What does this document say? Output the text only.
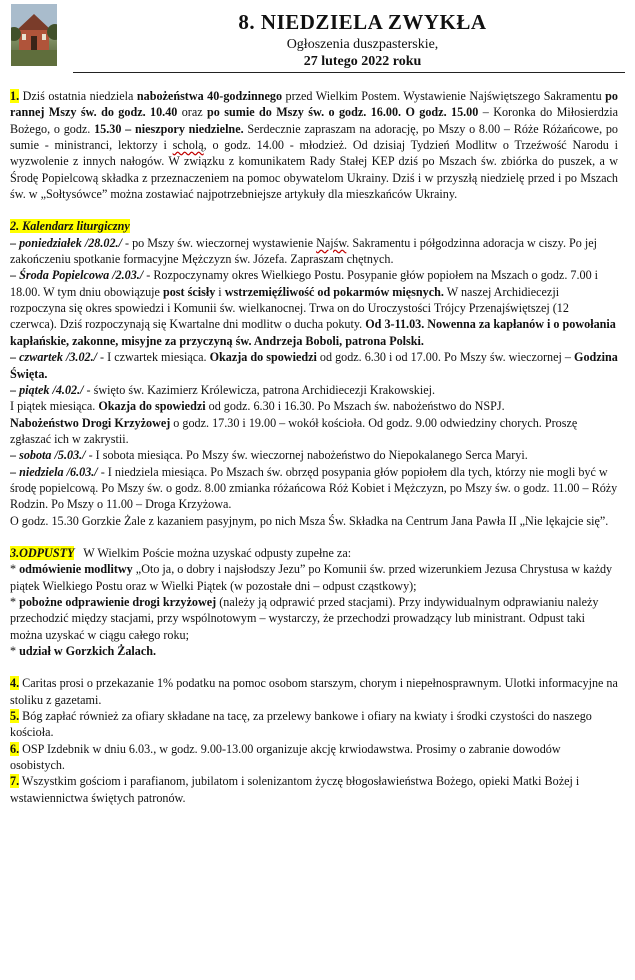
8. NIEDZIELA ZWYKŁA
Ogłoszenia duszpasterskie,
27 lutego 2022 roku

1. Dziś ostatnia niedziela nabożeństwa 40-godzinnego przed Wielkim Postem. Wystawienie Najświętszego Sakramentu po rannej Mszy św. do godz. 10.40 oraz po sumie do Mszy św. o godz. 16.00. O godz. 15.00 – Koronka do Miłosierdzia Bożego, o godz. 15.30 – nieszpory niedzielne. Serdecznie zapraszam na adorację, po Mszy o 8.00 – Róże Różańcowe, po sumie - ministranci, lektorzy i scholą, o godz. 14.00 - młodzież. Od dzisiaj Tydzień Modlitw o Trzeźwość Narodu i wyzwolenie z innych nałogów. W związku z komunikatem Rady Stałej KEP dziś po Mszach św. zbiórka do puszek, a w Środę Popielcową składka z przeznaczeniem na pomoc obywatelom Ukrainy. Dziś i w przyszłą niedzielę przed i po Mszach św. w „Sołtysówce” można zostawiać najpotrzebniejsze artykuły dla mieszkańców Ukrainy.

2. Kalendarz liturgiczny

– poniedziałek /28.02./ - po Mszy św. wieczornej wystawienie Najśw. Sakramentu i półgodzinna adoracja w ciszy. Po jej zakończeniu spotkanie formacyjne Mężczyzn św. Józefa. Zapraszam chętnych.

– Środa Popielcowa /2.03./ - Rozpoczynamy okres Wielkiego Postu. Posypanie głów popiołem na Mszach o godz. 7.00 i 18.00. W tym dniu obowiązuje post ścisły i wstrzemięźliwość od pokarmów mięsnych. W naszej Archidiecezji rozpoczyna się okres spowiedzi i Komunii św. wielkanocnej. Trwa on do Uroczystości Trójcy Przenajświętszej (12 czerwca). Dziś rozpoczynają się Kwartalne dni modlitw o ducha pokuty. Od 3-11.03. Nowenna za kapłanów i o powołania kapłańskie, zakonne, misyjne za przyczyną św. Andrzeja Boboli, patrona Polski.

– czwartek /3.02./ - I czwartek miesiąca. Okazja do spowiedzi od godz. 6.30 i od 17.00. Po Mszy św. wieczornej – Godzina Święta.

– piątek /4.02./ - święto św. Kazimierz Królewicza, patrona Archidiecezji Krakowskiej.

I piątek miesiąca. Okazja do spowiedzi od godz. 6.30 i 16.30. Po Mszach św. nabożeństwo do NSPJ.

Nabożeństwo Drogi Krzyżowej o godz. 17.30 i 19.00 – wokół kościoła. Od godz. 9.00 odwiedziny chorych. Proszę zgłaszać ich w zakrystii.

– sobota /5.03./ - I sobota miesiąca. Po Mszy św. wieczornej nabożeństwo do Niepokalanego Serca Maryi.

– niedziela /6.03./ - I niedziela miesiąca. Po Mszach św. obrzęd posypania głów popiołem dla tych, którzy nie mogli być w środę popielcową. Po Mszy św. o godz. 8.00 zmianka różańcowa Róż Kobiet i Mężczyzn, po Mszy św. o godz. 11.00 – Róży Rodzin. Po Mszy o 11.00 – Droga Krzyżowa.

O godz. 15.30 Gorzkie Żale z kazaniem pasyjnym, po nich Msza Św. Składka na Centrum Jana Pawła II „Nie lękajcie się”.

3.ODPUSTY   W Wielkim Poście można uzyskać odpusty zupełne za:

* odmówienie modlitwy „Oto ja, o dobry i najsłodszy Jezu” po Komunii św. przed wizerunkiem Jezusa Chrystusa w każdy piątek Wielkiego Postu oraz w Wielki Piątek (w pozostałe dni – odpust cząstkowy);

* pobożne odprawienie drogi krzyżowej (należy ją odprawić przed stacjami). Przy indywidualnym odprawianiu należy przechodzić między stacjami, przy wspólnotowym – wystarczy, że przechodzi prowadzący lub ministrant. Odpust taki można uzyskać w ciągu całego roku;

* udział w Gorzkich Żalach.

4. Caritas prosi o przekazanie 1% podatku na pomoc osobom starszym, chorym i niepełnosprawnym. Ulotki informacyjne na stoliku z gazetami.

5. Bóg zapłać również za ofiary składane na tacę, za przelewy bankowe i ofiary na kwiaty i środki czystości do naszego kościoła.

6. OSP Izdebnik w dniu 6.03., w godz. 9.00-13.00 organizuje akcję krwiodawstwa. Prosimy o zabranie dowodów osobistych.

7. Wszystkim gościom i parafianom, jubilatom i solenizantom życzę błogosławieństwa Bożego, opieki Matki Bożej i wstawiennictwa świętych patronów.
